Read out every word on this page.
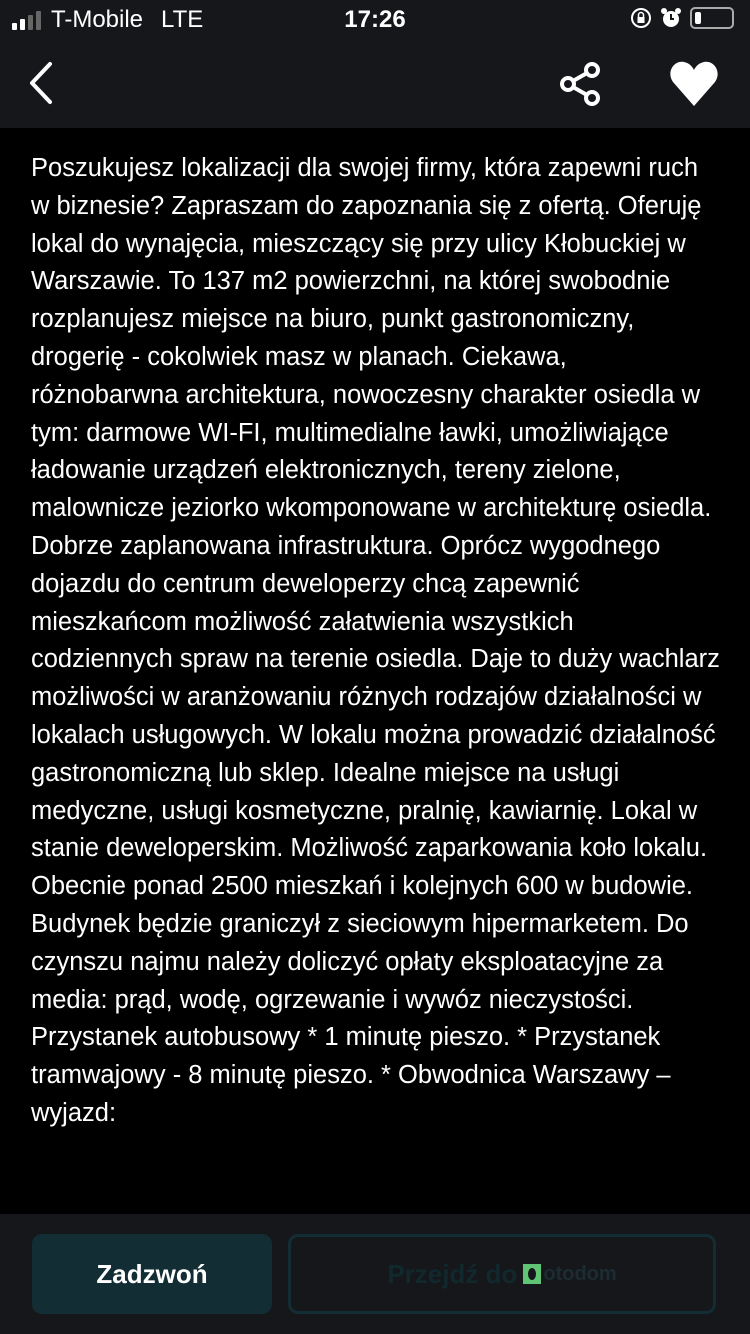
T-Mobile LTE	17:26
Poszukujesz lokalizacji dla swojej firmy, która zapewni ruch w biznesie? Zapraszam do zapoznania się z ofertą. Oferuję lokal do wynajęcia, mieszczący się przy ulicy Kłobuckiej w Warszawie. To 137 m2 powierzchni, na której swobodnie rozplanujesz miejsce na biuro, punkt gastronomiczny, drogerię - cokolwiek masz w planach. Ciekawa, różnobarwna architektura, nowoczesny charakter osiedla w tym: darmowe WI-FI, multimedialne ławki, umożliwiające ładowanie urządzeń elektronicznych, tereny zielone, malownicze jeziorko wkomponowane w architekturę osiedla. Dobrze zaplanowana infrastruktura. Oprócz wygodnego dojazdu do centrum deweloperzy chcą zapewnić mieszkańcom możliwość załatwienia wszystkich codziennych spraw na terenie osiedla. Daje to duży wachlarz możliwości w aranżowaniu różnych rodzajów działalności w lokalach usługowych. W lokalu można prowadzić działalność gastronomiczną lub sklep. Idealne miejsce na usługi medyczne, usługi kosmetyczne, pralnię, kawiarnię. Lokal w stanie deweloperskim. Możliwość zaparkowania koło lokalu. Obecnie ponad 2500 mieszkań i kolejnych 600 w budowie. Budynek będzie graniczył z sieciowym hipermarketem. Do czynszu najmu należy doliczyć opłaty eksploatacyjne za media: prąd, wodę, ogrzewanie i wywóz nieczystości. Przystanek autobusowy * 1 minutę pieszo. * Przystanek tramwajowy - 8 minutę pieszo. * Obwodnica Warszawy – wyjazd:
Zadzwoń	Przejdź do otodom
